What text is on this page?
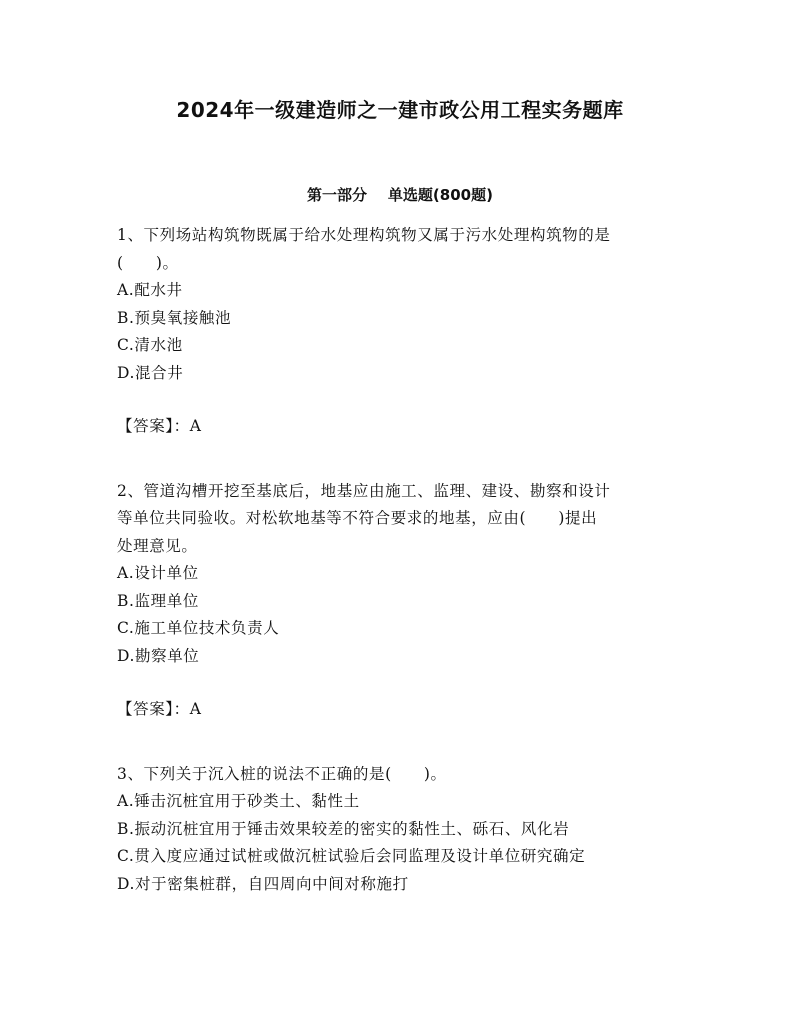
2024年一级建造师之一建市政公用工程实务题库
第一部分    单选题(800题)

1、下列场站构筑物既属于给水处理构筑物又属于污水处理构筑物的是

(　　)。

A.配水井

B.预臭氧接触池

C.清水池

D.混合井

【答案】：A

2、管道沟槽开挖至基底后，地基应由施工、监理、建设、勘察和设计

等单位共同验收。对松软地基等不符合要求的地基，应由(　　)提出

处理意见。

A.设计单位

B.监理单位

C.施工单位技术负责人

D.勘察单位

【答案】：A

3、下列关于沉入桩的说法不正确的是(　　)。

A.锤击沉桩宜用于砂类土、黏性土

B.振动沉桩宜用于锤击效果较差的密实的黏性土、砾石、风化岩

C.贯入度应通过试桩或做沉桩试验后会同监理及设计单位研究确定

D.对于密集桩群，自四周向中间对称施打
